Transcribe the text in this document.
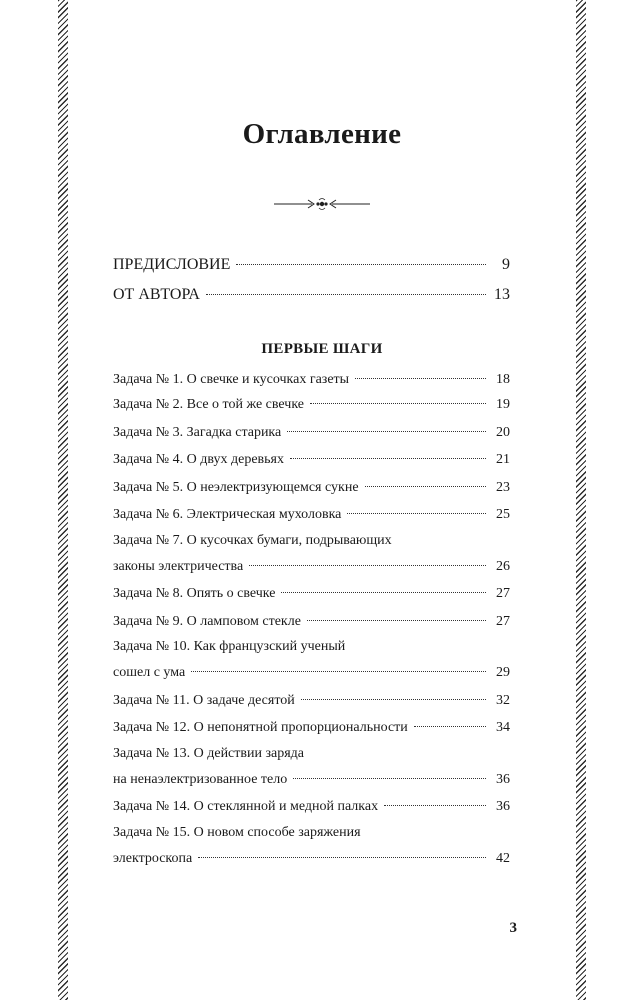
Оглавление
ПРЕДИСЛОВИЕ	9
ОТ АВТОРА	13
ПЕРВЫЕ ШАГИ
Задача № 1. О свечке и кусочках газеты	18
Задача № 2. Все о той же свечке	19
Задача № 3. Загадка старика	20
Задача № 4. О двух деревьях	21
Задача № 5. О неэлектризующемся сукне	23
Задача № 6. Электрическая мухоловка	25
Задача № 7. О кусочках бумаги, подрывающих
законы электричества	26
Задача № 8. Опять о свечке	27
Задача № 9. О ламповом стекле	27
Задача № 10. Как французский ученый
сошел с ума	29
Задача № 11. О задаче десятой	32
Задача № 12. О непонятной пропорциональности	34
Задача № 13. О действии заряда
на ненаэлектризованное тело	36
Задача № 14. О стеклянной и медной палках	36
Задача № 15. О новом способе заряжения
электроскопа	42
3
